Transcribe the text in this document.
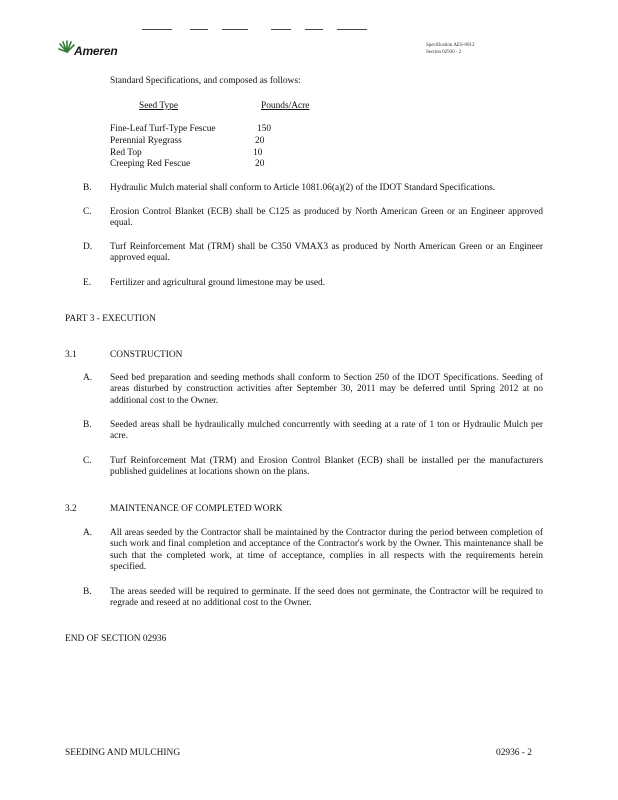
Ameren	Specification AES-0012
Section 02936 - 2
Standard Specifications, and composed as follows:
Seed Type	Pounds/Acre
Fine-Leaf Turf-Type Fescue	150
Perennial Ryegrass	20
Red Top	10
Creeping Red Fescue	20
B. Hydraulic Mulch material shall conform to Article 1081.06(a)(2) of the IDOT Standard Specifications.
C. Erosion Control Blanket (ECB) shall be C125 as produced by North American Green or an Engineer approved equal.
D. Turf Reinforcement Mat (TRM) shall be C350 VMAX3 as produced by North American Green or an Engineer approved equal.
E. Fertilizer and agricultural ground limestone may be used.
PART 3 - EXECUTION
3.1	CONSTRUCTION
A. Seed bed preparation and seeding methods shall conform to Section 250 of the IDOT Specifications. Seeding of areas disturbed by construction activities after September 30, 2011 may be deferred until Spring 2012 at no additional cost to the Owner.
B. Seeded areas shall be hydraulically mulched concurrently with seeding at a rate of 1 ton or Hydraulic Mulch per acre.
C. Turf Reinforcement Mat (TRM) and Erosion Control Blanket (ECB) shall be installed per the manufacturers published guidelines at locations shown on the plans.
3.2	MAINTENANCE OF COMPLETED WORK
A. All areas seeded by the Contractor shall be maintained by the Contractor during the period between completion of such work and final completion and acceptance of the Contractor's work by the Owner. This maintenance shall be such that the completed work, at time of acceptance, complies in all respects with the requirements herein specified.
B. The areas seeded will be required to germinate. If the seed does not germinate, the Contractor will be required to regrade and reseed at no additional cost to the Owner.
END OF SECTION 02936
SEEDING AND MULCHING	02936 - 2
